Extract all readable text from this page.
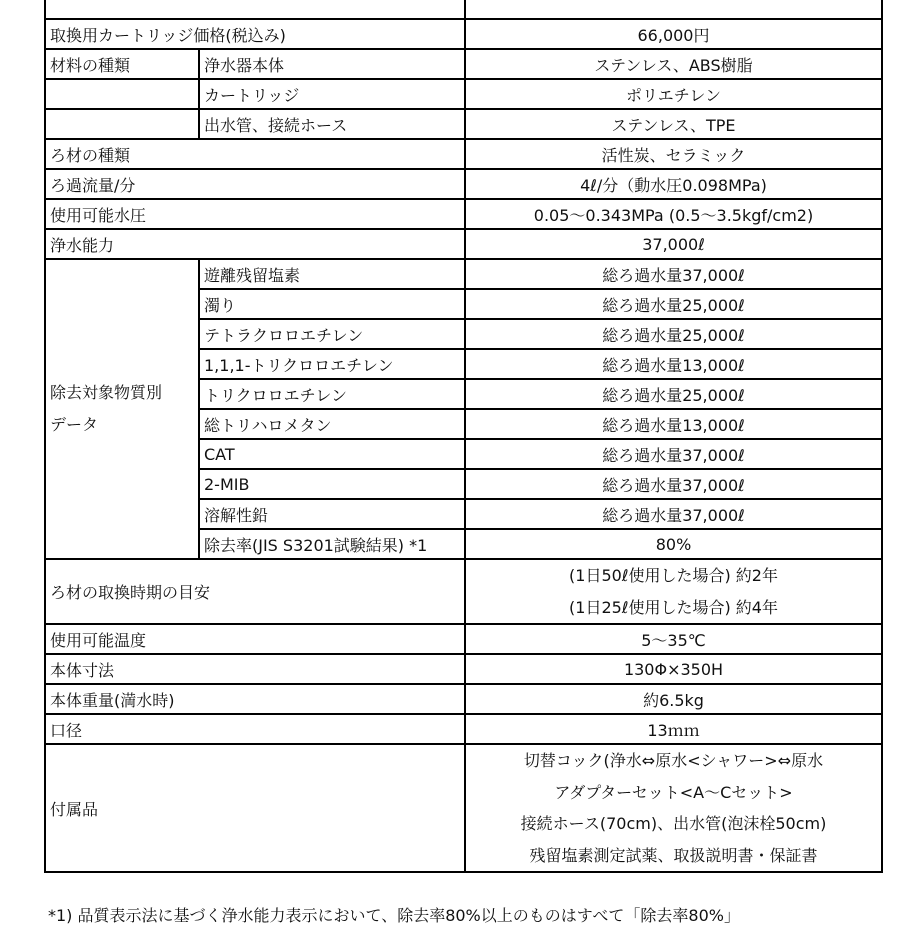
取換用カートリッジ価格(税込み)		66,000円
材料の種類	浄水器本体	ステンレス、ABS樹脂
	カートリッジ	ポリエチレン
	出水管、接続ホース	ステンレス、TPE
ろ材の種類		活性炭、セラミック
ろ過流量/分		4ℓ/分（動水圧0.098MPa)
使用可能水圧		0.05～0.343MPa (0.5～3.5kgf/cm2)
浄水能力		37,000ℓ

除去対象物質別
データ	遊離残留塩素	総ろ過水量37,000ℓ
	濁り	総ろ過水量25,000ℓ
	テトラクロロエチレン	総ろ過水量25,000ℓ
	1,1,1-トリクロロエチレン	総ろ過水量13,000ℓ
	トリクロロエチレン	総ろ過水量25,000ℓ
	総トリハロメタン	総ろ過水量13,000ℓ
	CAT	総ろ過水量37,000ℓ
	2-MIB	総ろ過水量37,000ℓ
	溶解性鉛	総ろ過水量37,000ℓ
	除去率(JIS S3201試験結果) *1	80%
ろ材の取換時期の目安		(1日50ℓ使用した場合) 約2年
(1日25ℓ使用した場合) 約4年

使用可能温度		5～35℃
本体寸法		130Φ×350H
本体重量(満水時)		約6.5kg
口径		13ｍｍ
付属品		切替コック(浄水⇔原水<シャワー>⇔原水
アダプターセット<A～Cセット>
接続ホース(70cm)、出水管(泡沫栓50cm)
残留塩素測定試薬、取扱説明書・保証書
*1) 品質表示法に基づく浄水能力表示において、除去率80%以上のものはすべて「除去率80%」
